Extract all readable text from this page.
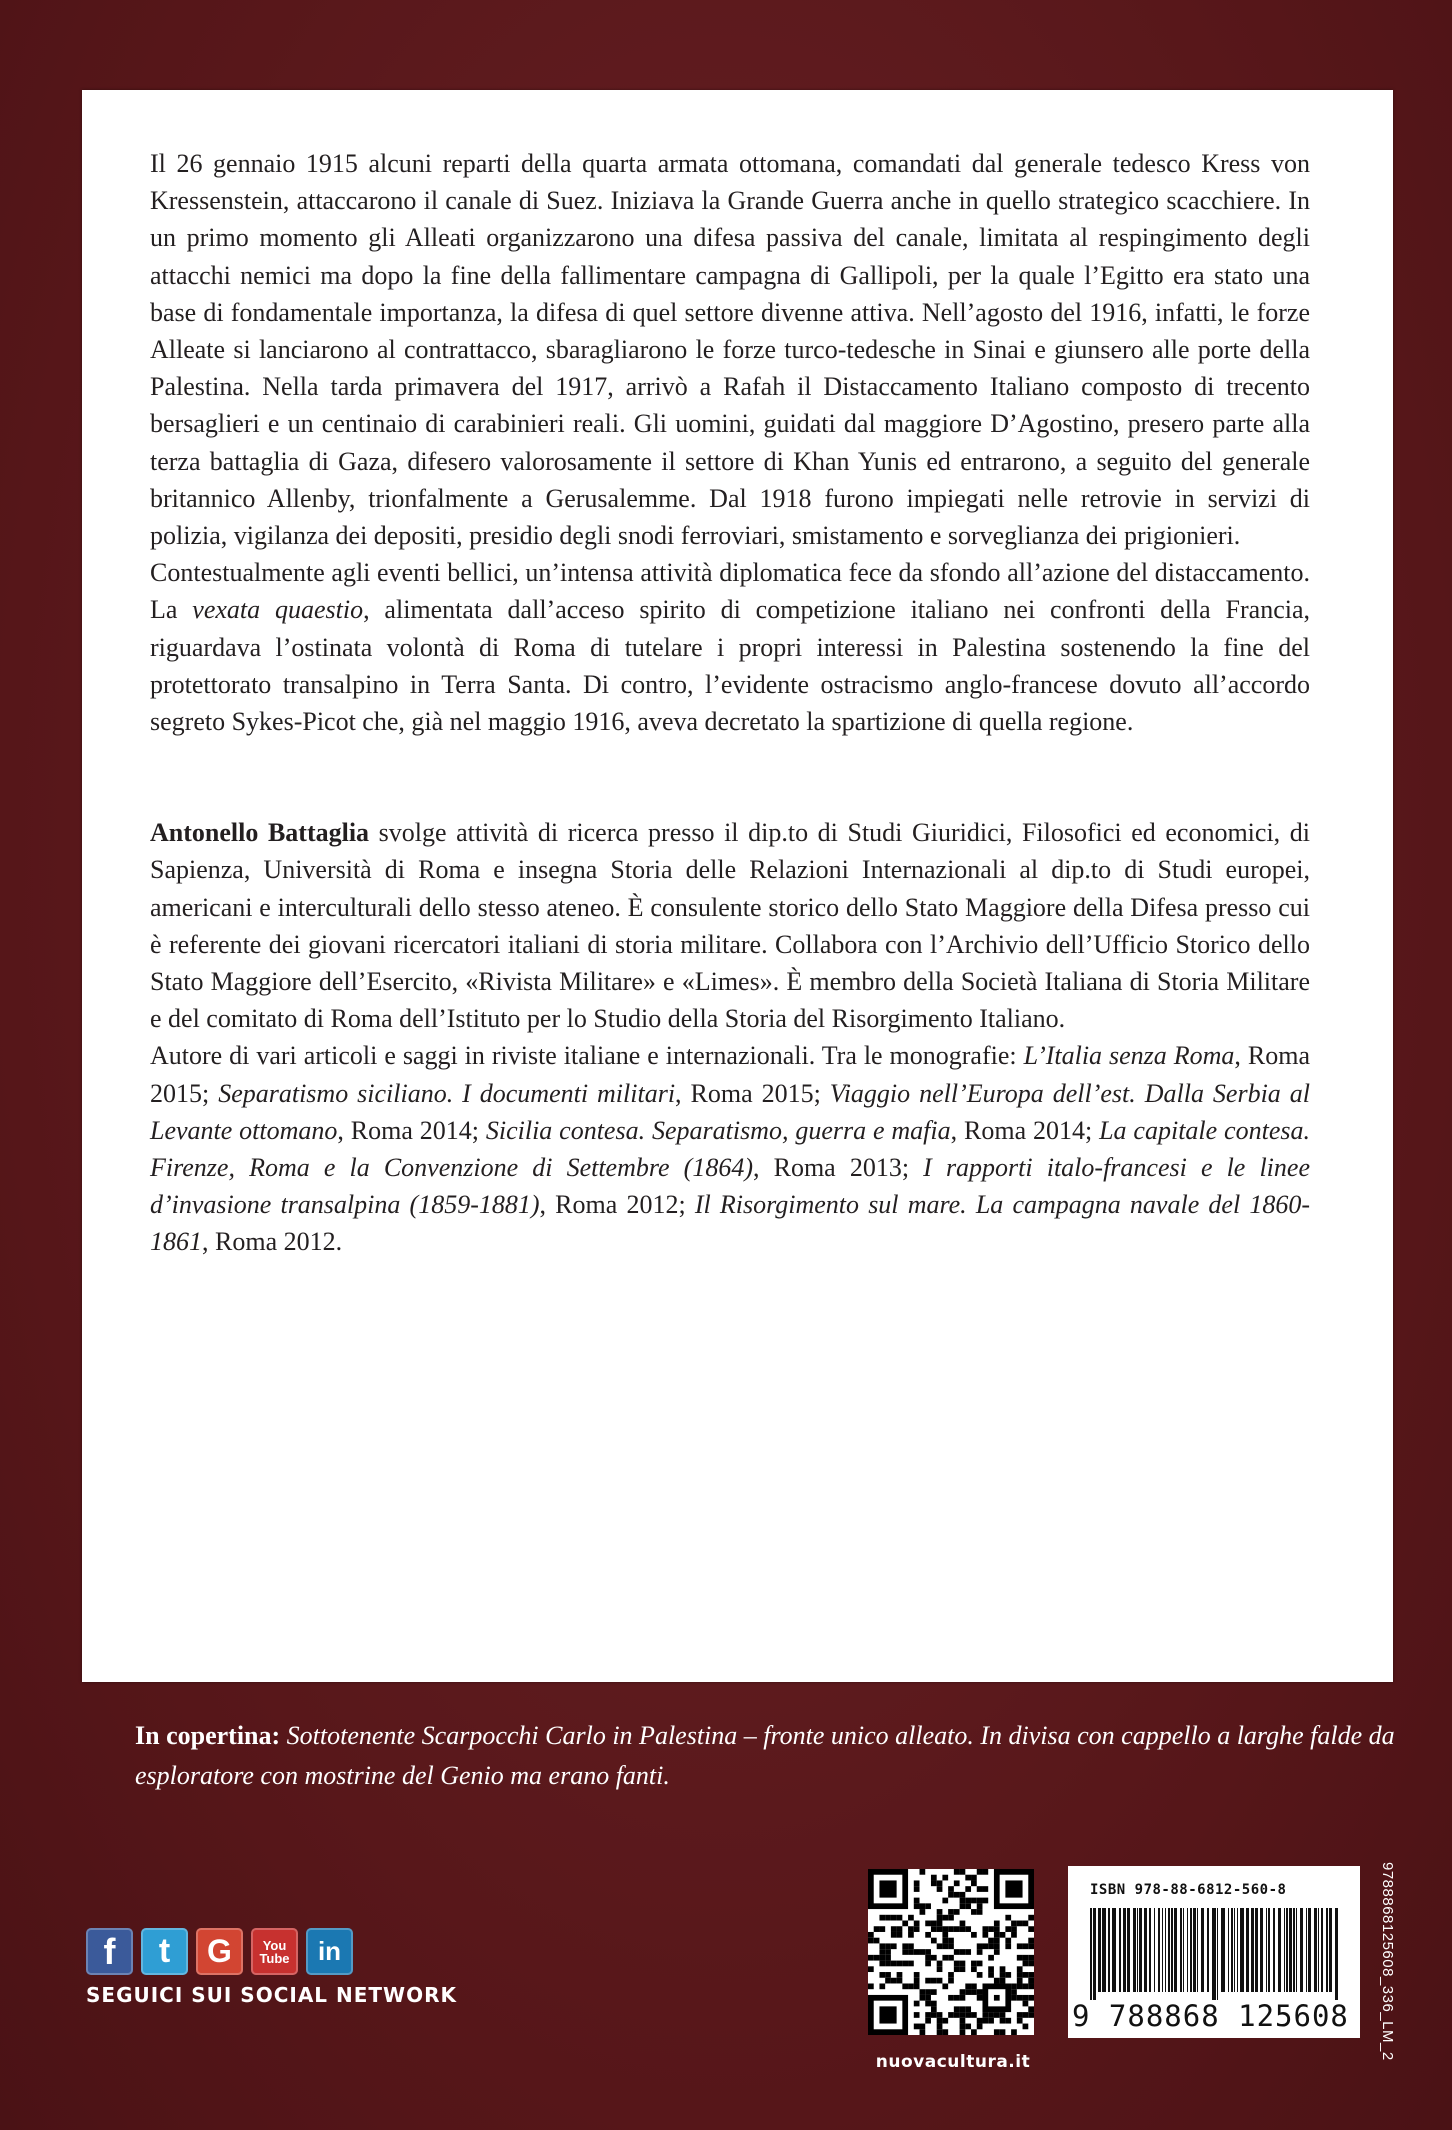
Il 26 gennaio 1915 alcuni reparti della quarta armata ottomana, comandati dal generale tedesco Kress von Kressenstein, attaccarono il canale di Suez. Iniziava la Grande Guerra anche in quello strategico scacchiere. In un primo momento gli Alleati organizzarono una difesa passiva del canale, limitata al respingimento degli attacchi nemici ma dopo la fine della fallimentare campagna di Gallipoli, per la quale l’Egitto era stato una base di fondamentale importanza, la difesa di quel settore divenne attiva. Nell’agosto del 1916, infatti, le forze Alleate si lanciarono al contrattacco, sbaragliarono le forze turco-tedesche in Sinai e giunsero alle porte della Palestina. Nella tarda primavera del 1917, arrivò a Rafah il Distaccamento Italiano composto di trecento bersaglieri e un centinaio di carabinieri reali. Gli uomini, guidati dal maggiore D’Agostino, presero parte alla terza battaglia di Gaza, difesero valorosamente il settore di Khan Yunis ed entrarono, a seguito del generale britannico Allenby, trionfalmente a Gerusalemme. Dal 1918 furono impiegati nelle retrovie in servizi di polizia, vigilanza dei depositi, presidio degli snodi ferroviari, smistamento e sorveglianza dei prigionieri.

Contestualmente agli eventi bellici, un’intensa attività diplomatica fece da sfondo all’azione del distaccamento. La vexata quaestio, alimentata dall’acceso spirito di competizione italiano nei confronti della Francia, riguardava l’ostinata volontà di Roma di tutelare i propri interessi in Palestina sostenendo la fine del protettorato transalpino in Terra Santa. Di contro, l’evidente ostracismo anglo-francese dovuto all’accordo segreto Sykes-Picot che, già nel maggio 1916, aveva decretato la spartizione di quella regione.

Antonello Battaglia svolge attività di ricerca presso il dip.to di Studi Giuridici, Filosofici ed economici, di Sapienza, Università di Roma e insegna Storia delle Relazioni Internazionali al dip.to di Studi europei, americani e interculturali dello stesso ateneo. È consulente storico dello Stato Maggiore della Difesa presso cui è referente dei giovani ricercatori italiani di storia militare. Collabora con l’Archivio dell’Ufficio Storico dello Stato Maggiore dell’Esercito, «Rivista Militare» e «Limes». È membro della Società Italiana di Storia Militare e del comitato di Roma dell’Istituto per lo Studio della Storia del Risorgimento Italiano.

Autore di vari articoli e saggi in riviste italiane e internazionali. Tra le monografie: L’Italia senza Roma, Roma 2015; Separatismo siciliano. I documenti militari, Roma 2015; Viaggio nell’Europa dell’est. Dalla Serbia al Levante ottomano, Roma 2014; Sicilia contesa. Separatismo, guerra e mafia, Roma 2014; La capitale contesa. Firenze, Roma e la Convenzione di Settembre (1864), Roma 2013; I rapporti italo-francesi e le linee d’invasione transalpina (1859-1881), Roma 2012; Il Risorgimento sul mare. La campagna navale del 1860-1861, Roma 2012.

In copertina: Sottotenente Scarpocchi Carlo in Palestina – fronte unico alleato. In divisa con cappello a larghe falde da esploratore con mostrine del Genio ma erano fanti.
f	t	G	You
Tube	in
SEGUICI SUI SOCIAL NETWORK
nuovacultura.it
ISBN 978-88-6812-560-8
9 788868 125608	9788868125608_336_LM_2
